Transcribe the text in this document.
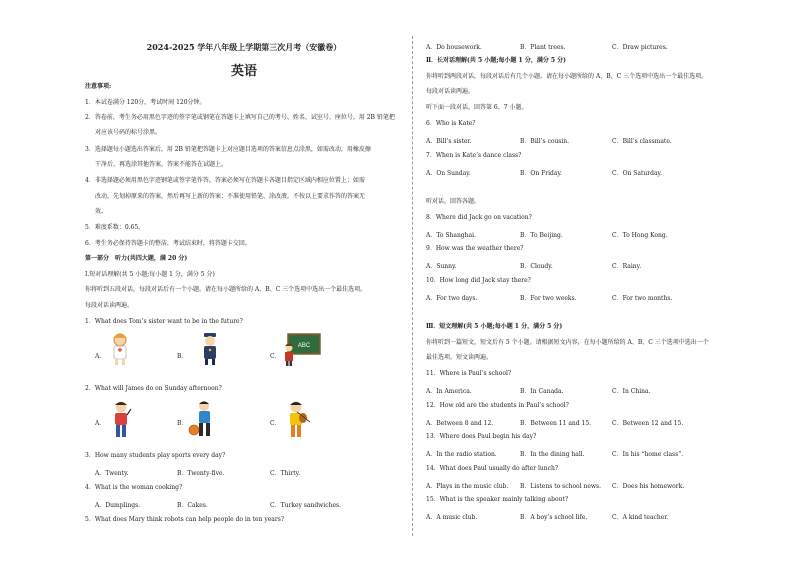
2024-2025 学年八年级上学期第三次月考（安徽卷）
英语
注意事项:
1．本试卷满分 120分，考试时间 120分钟。
2．答卷前，考生务必用黑色字迹的签字笔或钢笔在答题卡上填写自己的考号、姓名、试室号、座位号，用 2B 铅笔把
对应该号码的标号涂黑。
3．选择题每小题选出答案后，用 2B 铅笔把答题卡上对应题目选项的答案信息点涂黑，如需改动，用橡皮擦
干净后，再选涂其他答案，答案不能答在试题上。
4．非选择题必须用黑色字迹钢笔或签字笔作答，答案必须写在答题卡各题目指定区域内相应位置上；如需
改动，先划掉原来的答案，然后再写上新的答案；不准使用铅笔、涂改液。不按以上要求作答的答案无
效。
5．难度系数：0.65。
6．考生务必保持答题卡的整洁，考试结束时，将答题卡交回。
第一部分　听力(共四大题，满 20 分)
Ⅰ.短对话理解(共 5 小题;每小题 1 分，满分 5 分)
你将听到五段对话，每段对话后有一个小题。请在每小题所给的 A、B、C 三个选项中选出一个最佳选项。
每段对话读两遍。
1．What does Tom’s sister want to be in the future?
A．	B．	C．
ABC
2．What will James do on Sunday afternoon?
A．	B．	C．
3．How many students play sports every day?
A．Twenty.	B．Twenty-five.	C．Thirty.
4．What is the woman cooking?
A．Dumplings.	B．Cakes.	C．Turkey sandwiches.
5．What does Mary think robots can help people do in ten years?
A．Do housework.	B．Plant trees.	C．Draw pictures.
Ⅱ．长对话理解(共 5 小题;每小题 1 分，满分 5 分)
你将听到两段对话，每段对话后有几个小题。请在每小题所给的 A、B、C 三个选项中选出一个最佳选项。
每段对话读两遍。
听下面一段对话，回答第 6、7 小题。
6．Who is Kate?
A．Bill’s sister.	B．Bill’s cousin.	C．Bill’s classmate.
7．When is Kate’s dance class?
A．On Sunday.	B．On Friday.	C．On Saturday.
听对话，回答各题。
8．Where did Jack go on vacation?
A．To Shanghai.	B．To Beijing.	C．To Hong Kong.
9．How was the weather there?
A．Sunny.	B．Cloudy.	C．Rainy.
10．How long did Jack stay there?
A．For two days.	B．For two weeks.	C．For two months.
Ⅲ．短文理解(共 5 小题;每小题 1 分，满分 5 分)
你将听到一篇短文，短文后有 5 个小题。请根据短文内容，在每小题所给的 A、B、C 三个选项中选出一个
最佳选项。短文读两遍。
11．Where is Paul’s school?
A．In America.	B．In Canada.	C．In China.
12．How old are the students in Paul’s school?
A．Between 8 and 12.	B．Between 11 and 15.	C．Between 12 and 15.
13．Where does Paul begin his day?
A．In the radio station.	B．In the dining hall.	C．In his “home class”.
14．What does Paul usually do after lunch?
A．Plays in the music club. B．Listens to school news. C．Does his homework.
15．What is the speaker mainly talking about?
A．A music club.	B．A boy’s school life.	C．A kind teacher.
